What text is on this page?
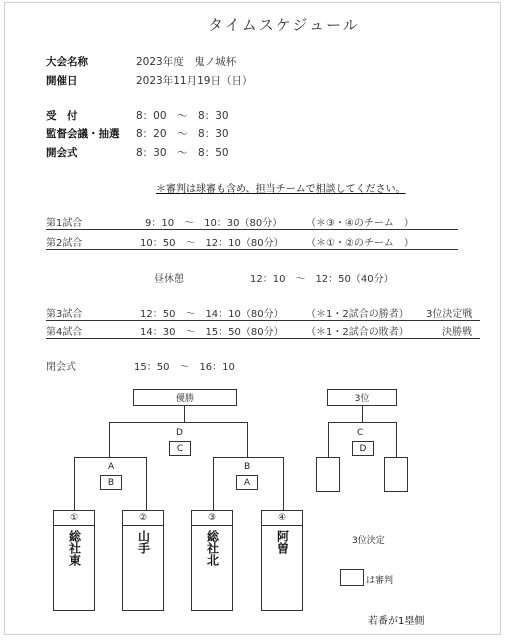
タイムスケジュール
大会名称	2023年度　鬼ノ城杯
開催日	2023年11月19日（日）
受　付	8：00　～　8：30
監督会議・抽選 8：20　～　8：30
開会式	8：30　～　8：50
＊審判は球審も含め、担当チームで相談してください。
第1試合	9：10　～　10：30（80分） （＊③・④のチーム　）
第2試合	10：50　～　12：10（80分） （＊①・②のチーム　）
昼休憩	12：10　～　12：50（40分）
第3試合	12：50　～　14：10（80分） （＊1・2試合の勝者） 3位決定戦
第4試合	14：30　～　15：50（80分） （＊1・2試合の敗者）	決勝戦
閉会式	15：50　～　16：10
優勝
D
C
A
B
B
A
①
総社東
②
山手
③
総社北
④
阿曽
3位
C
D
3位決定
は審判
若番が1塁側
